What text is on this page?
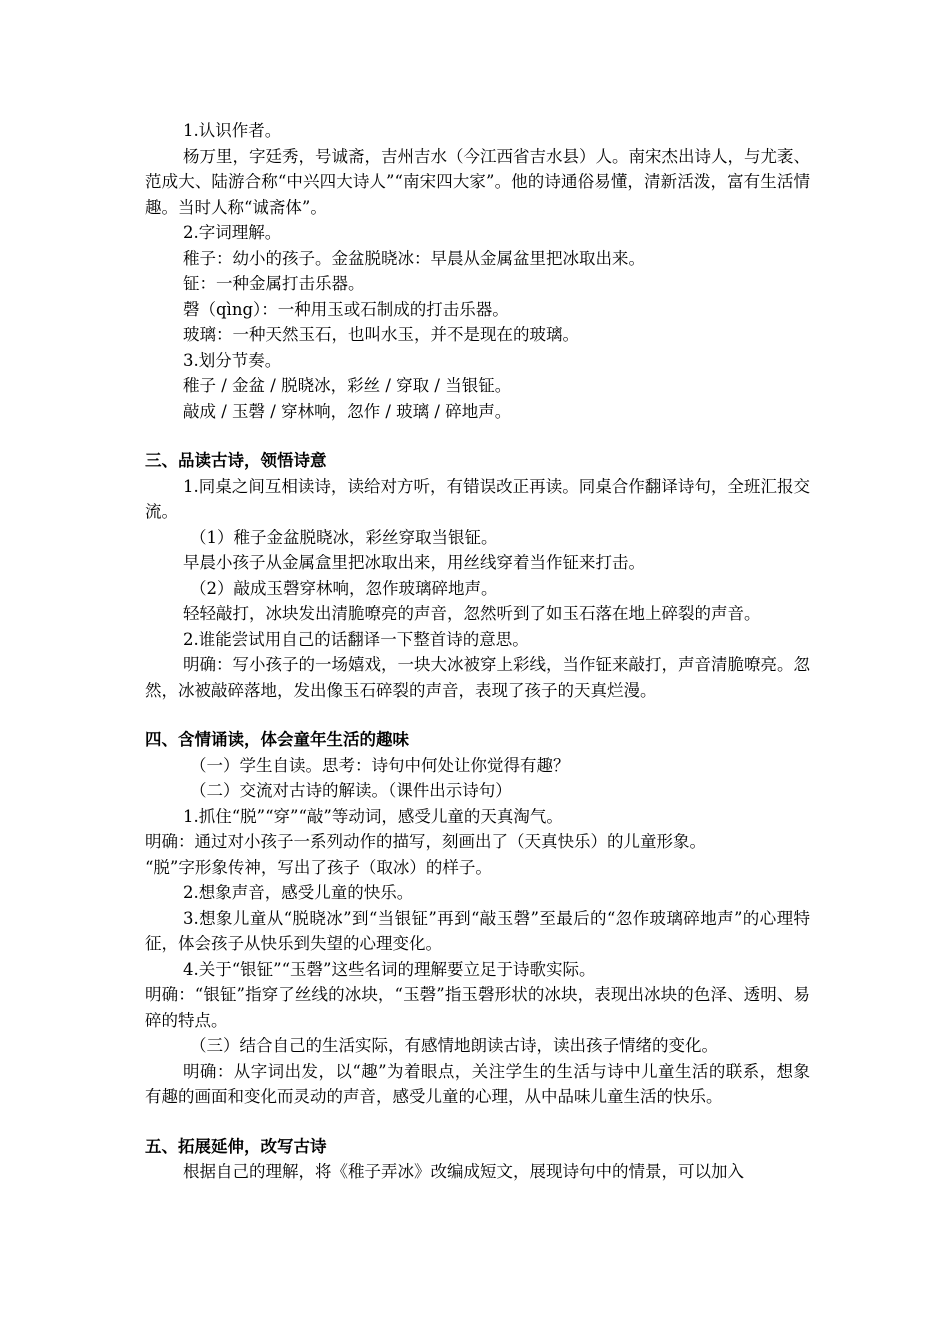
1.认识作者。

杨万里，字廷秀，号诚斋，吉州吉水（今江西省吉水县）人。南宋杰出诗人，与尤袤、范成大、陆游合称“中兴四大诗人”“南宋四大家”。他的诗通俗易懂，清新活泼，富有生活情趣。当时人称“诚斋体”。

2.字词理解。

稚子：幼小的孩子。金盆脱晓冰：早晨从金属盆里把冰取出来。

钲：一种金属打击乐器。

磬（qìng）：一种用玉或石制成的打击乐器。

玻璃：一种天然玉石，也叫水玉，并不是现在的玻璃。

3.划分节奏。

稚子 / 金盆 / 脱晓冰，彩丝 / 穿取 / 当银钲。

敲成 / 玉磬 / 穿林响，忽作 / 玻璃 / 碎地声。

三、品读古诗，领悟诗意

1.同桌之间互相读诗，读给对方听，有错误改正再读。同桌合作翻译诗句，全班汇报交流。

（1）稚子金盆脱晓冰，彩丝穿取当银钲。

早晨小孩子从金属盒里把冰取出来，用丝线穿着当作钲来打击。

（2）敲成玉磬穿林响，忽作玻璃碎地声。

轻轻敲打，冰块发出清脆嘹亮的声音，忽然听到了如玉石落在地上碎裂的声音。

2.谁能尝试用自己的话翻译一下整首诗的意思。

明确：写小孩子的一场嬉戏，一块大冰被穿上彩线，当作钲来敲打，声音清脆嘹亮。忽然，冰被敲碎落地，发出像玉石碎裂的声音，表现了孩子的天真烂漫。

四、含情诵读，体会童年生活的趣味

（一）学生自读。思考：诗句中何处让你觉得有趣？

（二）交流对古诗的解读。（课件出示诗句）

1.抓住“脱”“穿”“敲”等动词，感受儿童的天真淘气。

明确：通过对小孩子一系列动作的描写，刻画出了（天真快乐）的儿童形象。

“脱”字形象传神，写出了孩子（取冰）的样子。

2.想象声音，感受儿童的快乐。

3.想象儿童从“脱晓冰”到“当银钲”再到“敲玉磬”至最后的“忽作玻璃碎地声”的心理特征，体会孩子从快乐到失望的心理变化。

4.关于“银钲”“玉磬”这些名词的理解要立足于诗歌实际。

明确：“银钲”指穿了丝线的冰块，“玉磬”指玉磬形状的冰块，表现出冰块的色泽、透明、易碎的特点。

（三）结合自己的生活实际，有感情地朗读古诗，读出孩子情绪的变化。

明确：从字词出发，以“趣”为着眼点，关注学生的生活与诗中儿童生活的联系，想象有趣的画面和变化而灵动的声音，感受儿童的心理，从中品味儿童生活的快乐。

五、拓展延伸，改写古诗

根据自己的理解，将《稚子弄冰》改编成短文，展现诗句中的情景，可以加入
